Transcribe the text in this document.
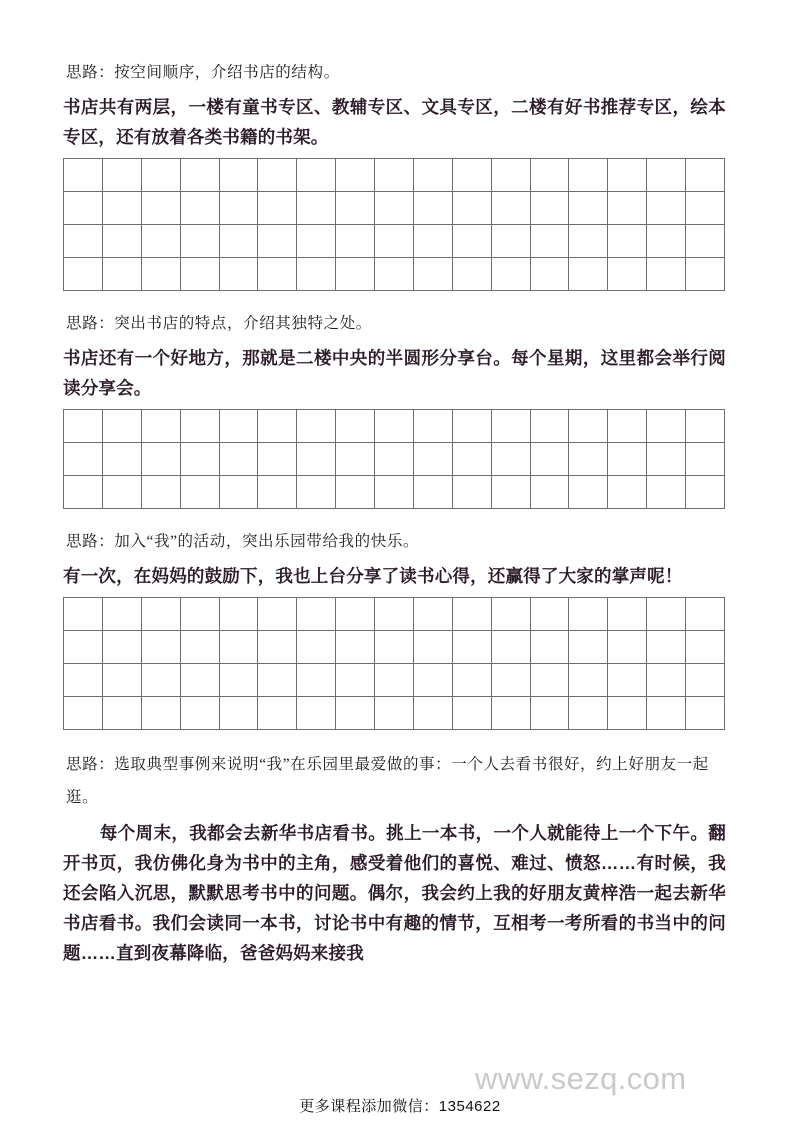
思路：按空间顺序，介绍书店的结构。

书店共有两层，一楼有童书专区、教辅专区、文具专区，二楼有好书推荐专区，绘本专区，还有放着各类书籍的书架。

思路：突出书店的特点，介绍其独特之处。

书店还有一个好地方，那就是二楼中央的半圆形分享台。每个星期，这里都会举行阅读分享会。

思路：加入“我”的活动，突出乐园带给我的快乐。

有一次，在妈妈的鼓励下，我也上台分享了读书心得，还赢得了大家的掌声呢！

思路：选取典型事例来说明“我”在乐园里最爱做的事：一个人去看书很好，约上好朋友一起逛。

每个周末，我都会去新华书店看书。挑上一本书，一个人就能待上一个下午。翻开书页，我仿佛化身为书中的主角，感受着他们的喜悦、难过、愤怒……有时候，我还会陷入沉思，默默思考书中的问题。偶尔，我会约上我的好朋友黄梓浩一起去新华书店看书。我们会读同一本书，讨论书中有趣的情节，互相考一考所看的书当中的问题……直到夜幕降临，爸爸妈妈来接我

www.sezq.com
更多课程添加微信：1354622
